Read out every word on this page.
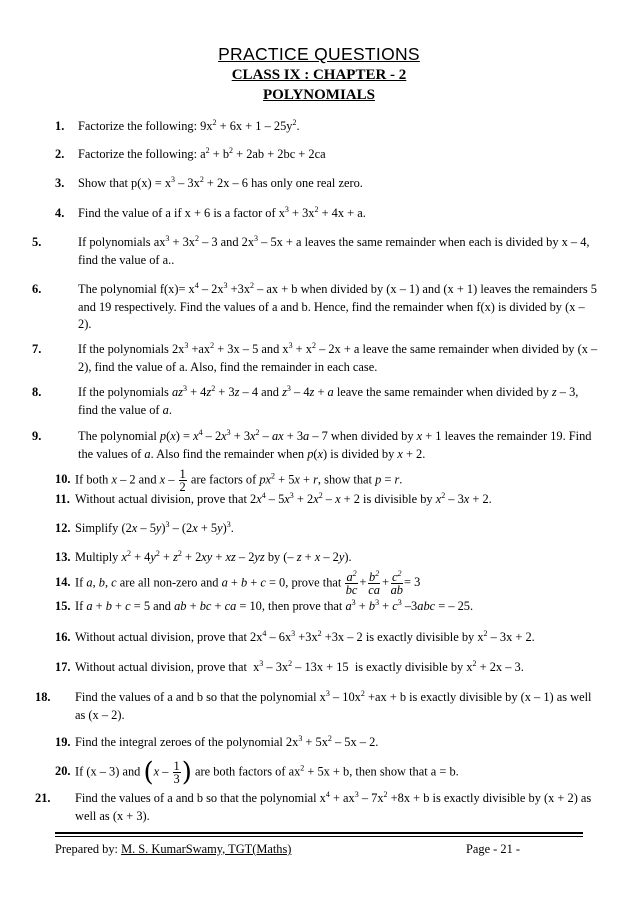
PRACTICE QUESTIONS
CLASS IX : CHAPTER - 2
POLYNOMIALS
1. Factorize the following: $9x^2 + 6x + 1 - 25y^2$.
2. Factorize the following: $a^2 + b^2 + 2ab + 2bc + 2ca$
3. Show that $p(x) = x^3 - 3x^2 + 2x - 6$ has only one real zero.
4. Find the value of a if x + 6 is a factor of $x^3 + 3x^2 + 4x + a$.
5.	If polynomials $ax^3 + 3x^2 - 3$ and $2x^3 - 5x + a$ leaves the same remainder when each is divided by x – 4, find the value of a..
6.	The polynomial $f(x)= x^4 - 2x^3 +3x^2$ – ax + b when divided by (x – 1) and (x + 1) leaves the remainders 5 and 19 respectively. Find the values of a and b. Hence, find the remainder when f(x) is divided by (x – 2).
7.	If the polynomials $2x^3 +ax^2 + 3x - 5$ and $x^3 + x^2 - 2x + a$ leave the same remainder when divided by (x – 2), find the value of a. Also, find the remainder in each case.
8.	If the polynomials $az^3 + 4z^2 + 3z - 4$ and $z^3 - 4z + a$ leave the same remainder when divided by z – 3, find the value of a.
9.	The polynomial $p(x) = x^4 - 2x^3 + 3x^2$ – ax + 3a – 7 when divided by x + 1 leaves the remainder 19. Find the values of a. Also find the remainder when p(x) is divided by x + 2.
10. If both x – 2 and x – $\frac{1}{2}$ are factors of $px^2 + 5x + r$, show that p = r.
11. Without actual division, prove that $2x^4 - 5x^3 + 2x^2 - x + 2$ is divisible by $x^2 - 3x + 2$.
12. Simplify $(2x - 5y)^3 - (2x + 5y)^3$.
13. Multiply $x^2 + 4y^2 + z^2 + 2xy$ + xz – 2yz by (– z + x – 2y).
14. If a, b, c are all non-zero and a + b + c = 0, prove that $\frac{a^2}{bc} + \frac{b^2}{ca} + \frac{c^2}{ab} = 3$
15. If a + b + c = 5 and ab + bc + ca = 10, then prove that $a^3 + b^3 + c^3$ –3abc = – 25.
16. Without actual division, prove that $2x^4 - 6x^3 +3x^2 +3x - 2$ is exactly divisible by $x^2 - 3x + 2$.
17. Without actual division, prove that  $x^3 - 3x^2 - 13x + 15$  is exactly divisible by $x^2 + 2x - 3$.
18. Find the values of a and b so that the polynomial $x^3 - 10x^2 +ax + b$ is exactly divisible by (x – 1) as well as (x – 2).
19. Find the integral zeroes of the polynomial $2x^3 + 5x^2 - 5x - 2$.
20. If (x – 3) and ($x - \frac{1}{3}$ ) are both factors of $ax^2 + 5x + b$, then show that a = b.
21. Find the values of a and b so that the polynomial $x^4 + ax^3 - 7x^2 +8x + b$ is exactly divisible by (x + 2) as well as (x + 3).
Prepared by: M. S. KumarSwamy, TGT(Maths)	Page - 21 -
